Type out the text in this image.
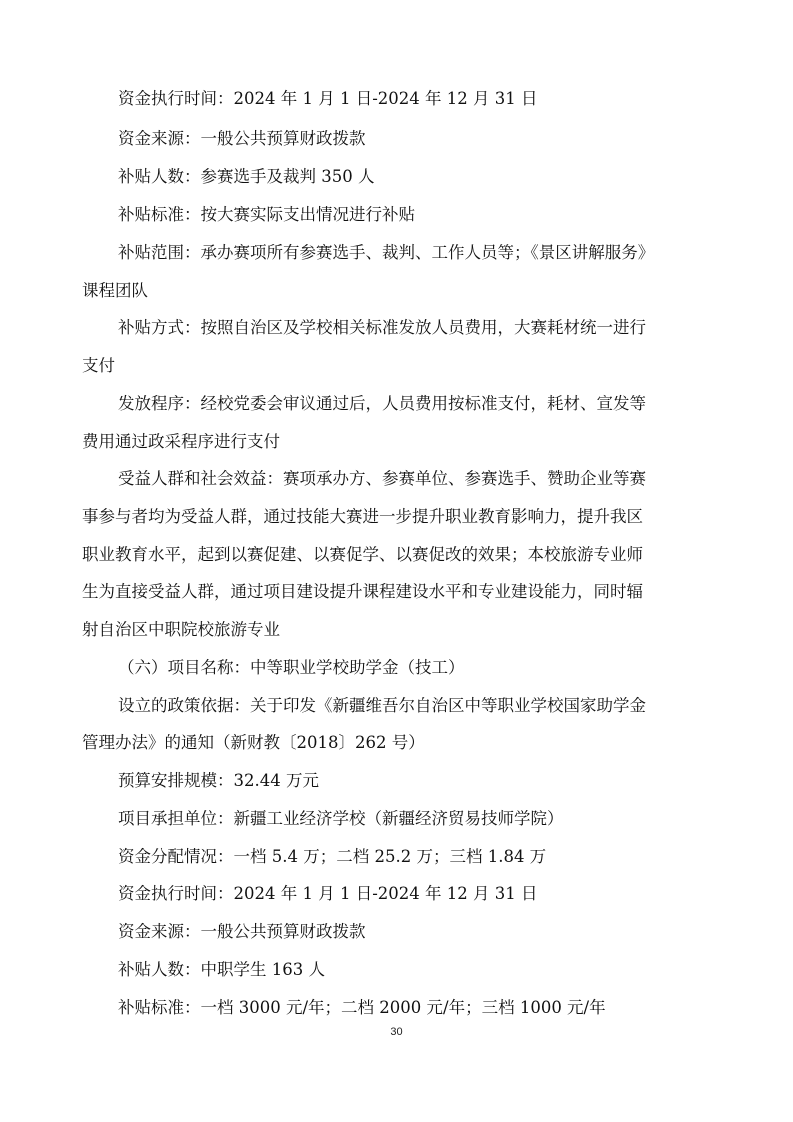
资金执行时间：2024 年 1 月 1 日-2024 年 12 月 31 日
资金来源：一般公共预算财政拨款
补贴人数：参赛选手及裁判 350 人
补贴标准：按大赛实际支出情况进行补贴
补贴范围：承办赛项所有参赛选手、裁判、工作人员等；《景区讲解服务》
课程团队
补贴方式：按照自治区及学校相关标准发放人员费用，大赛耗材统一进行
支付
发放程序：经校党委会审议通过后，人员费用按标准支付，耗材、宣发等
费用通过政采程序进行支付
受益人群和社会效益：赛项承办方、参赛单位、参赛选手、赞助企业等赛
事参与者均为受益人群，通过技能大赛进一步提升职业教育影响力，提升我区
职业教育水平，起到以赛促建、以赛促学、以赛促改的效果；本校旅游专业师
生为直接受益人群，通过项目建设提升课程建设水平和专业建设能力，同时辐
射自治区中职院校旅游专业
（六）项目名称：中等职业学校助学金（技工）
设立的政策依据：关于印发《新疆维吾尔自治区中等职业学校国家助学金
管理办法》的通知（新财教〔2018〕262 号）
预算安排规模：32.44 万元
项目承担单位：新疆工业经济学校（新疆经济贸易技师学院）
资金分配情况：一档 5.4 万；二档 25.2 万；三档 1.84 万
资金执行时间：2024 年 1 月 1 日-2024 年 12 月 31 日
资金来源：一般公共预算财政拨款
补贴人数：中职学生 163 人
补贴标准：一档 3000 元/年；二档 2000 元/年；三档 1000 元/年
30
